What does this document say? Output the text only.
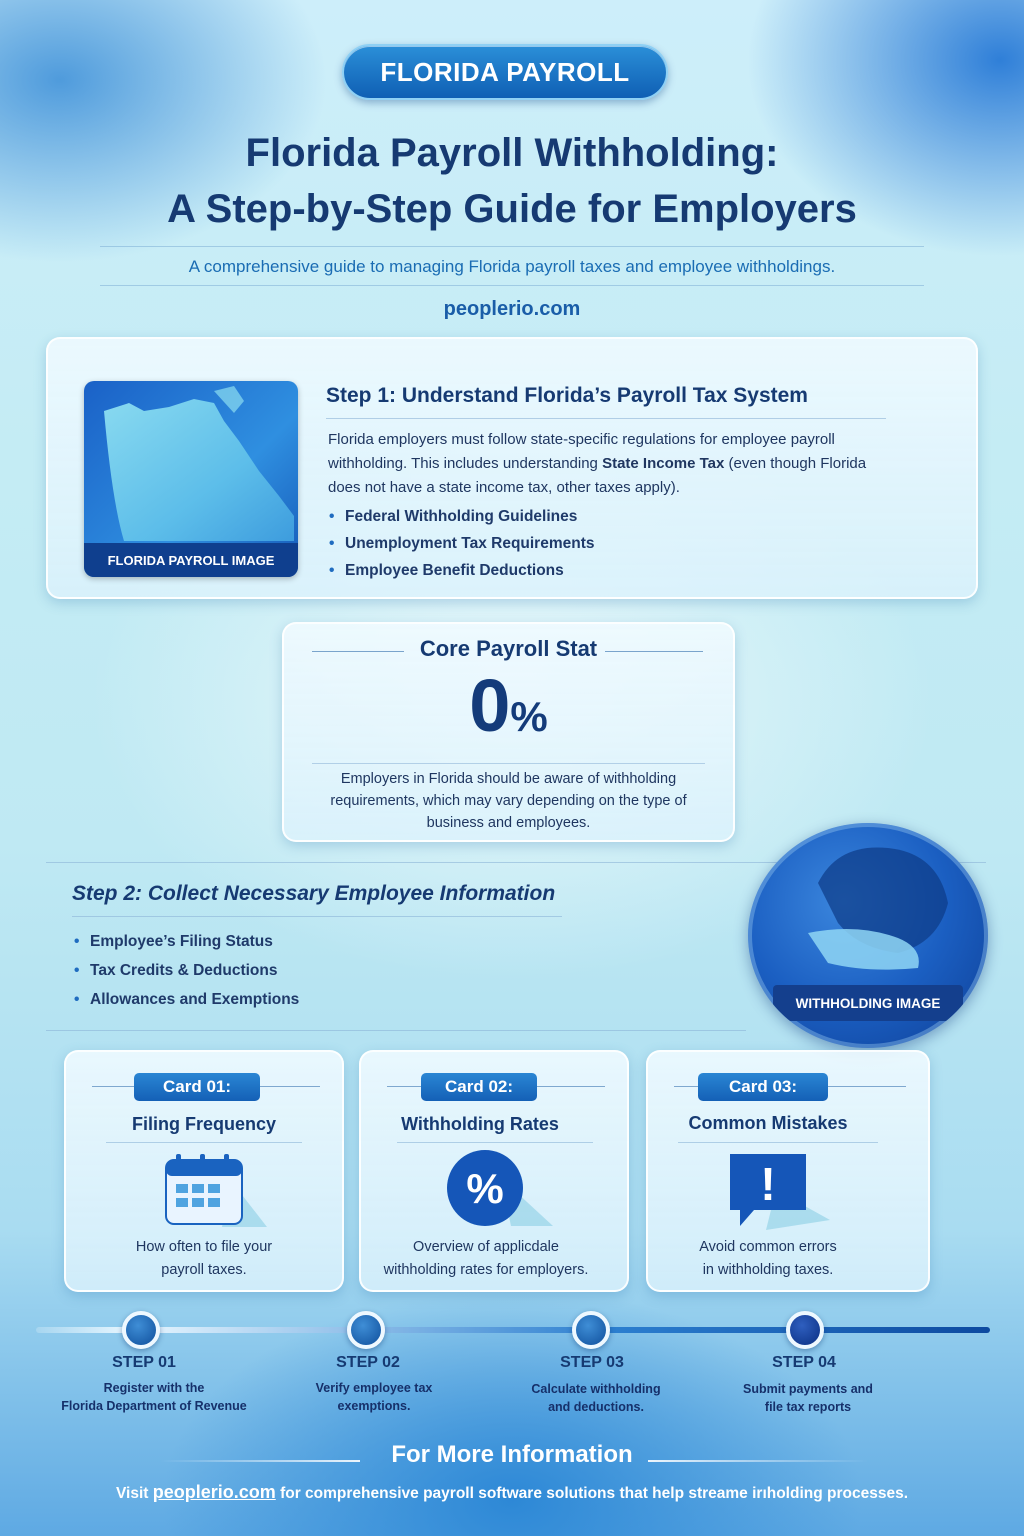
FLORIDA PAYROLL
Florida Payroll Withholding:
A Step-by-Step Guide for Employers
A comprehensive guide to managing Florida payroll taxes and employee withholdings.
peoplerio.com
FLORIDA PAYROLL IMAGE
Step 1: Understand Florida’s Payroll Tax System
Florida employers must follow state-specific regulations for employee payroll withholding. This includes understanding State Income Tax (even though Florida does not have a state income tax, other taxes apply).
• Federal Withholding Guidelines
• Unemployment Tax Requirements
• Employee Benefit Deductions
Core Payroll Stat
0%
Employers in Florida should be aware of withholding requirements, which may vary depending on the type of business and employees.
Step 2: Collect Necessary Employee Information
• Employee’s Filing Status
• Tax Credits & Deductions
• Allowances and Exemptions	WITHHOLDING IMAGE
Card 01:
Filing Frequency
How often to file your
payroll taxes.
Card 02:
Withholding Rates
%
Overview of applicdale
withholding rates for employers.
Card 03:
Common Mistakes
!
Avoid common errors
in withholding taxes.
STEP 01
Register with the
Florida Department of Revenue
STEP 02
Verify employee tax
exemptions.
STEP 03
Calculate withholding
and deductions.
STEP 04
Submit payments and
file tax reports
For More Information
Visit peoplerio.com for comprehensive payroll software solutions that help streame irıholding processes.
